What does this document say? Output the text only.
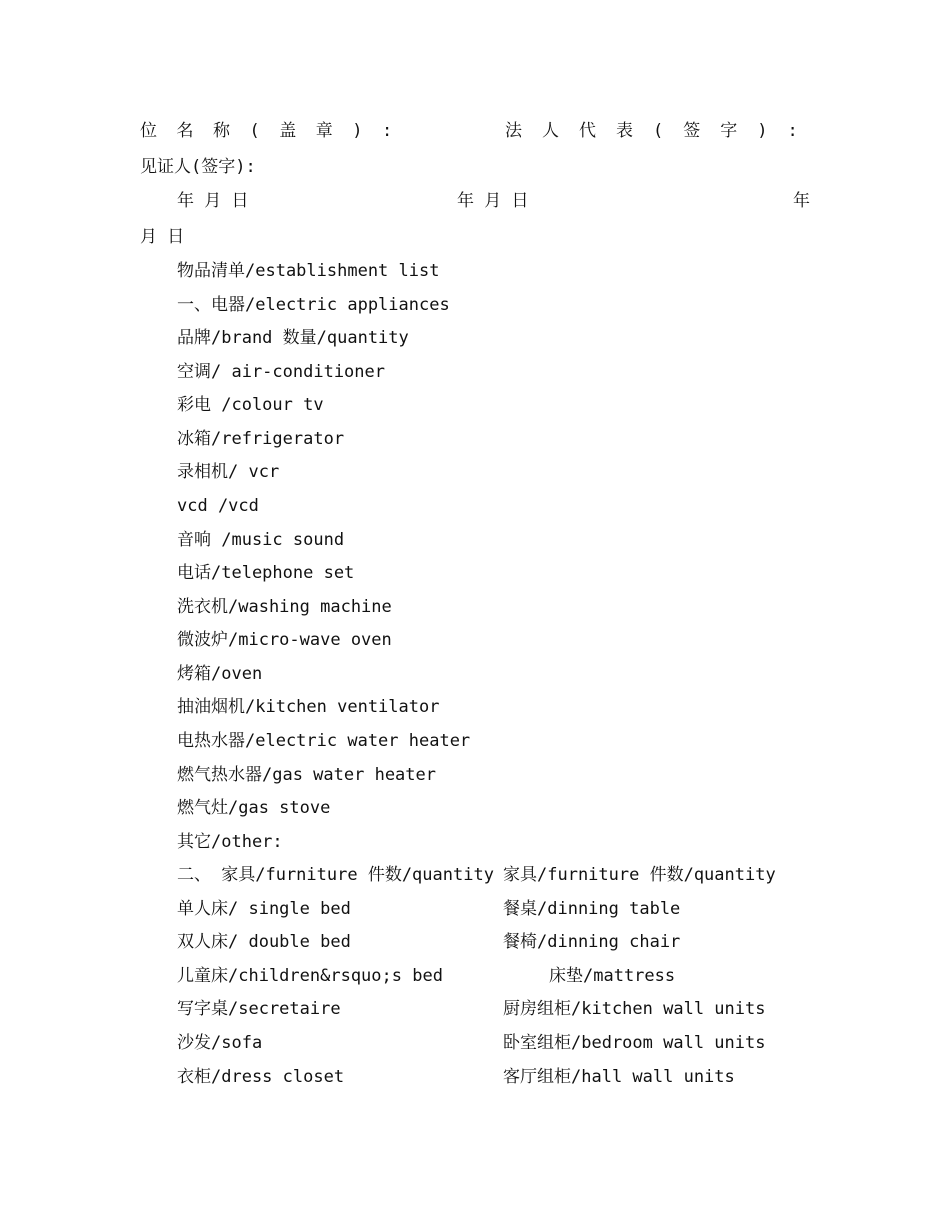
位名称(盖章):	法人代表(签字):
见证人(签字):
年 月 日	年 月 日	年
月 日
物品清单/establishment list
一、电器/electric appliances
品牌/brand 数量/quantity
空调/ air-conditioner
彩电 /colour tv
冰箱/refrigerator
录相机/ vcr
vcd /vcd
音响 /music sound
电话/telephone set
洗衣机/washing machine
微波炉/micro-wave oven
烤箱/oven
抽油烟机/kitchen ventilator
电热水器/electric water heater
燃气热水器/gas water heater
燃气灶/gas stove
其它/other:
二、 家具/furniture 件数/quantity 家具/furniture 件数/quantity
单人床/ single bed	餐桌/dinning table
双人床/ double bed	餐椅/dinning chair
儿童床/children&rsquo;s bed	床垫/mattress
写字桌/secretaire	厨房组柜/kitchen wall units
沙发/sofa	卧室组柜/bedroom wall units
衣柜/dress closet	客厅组柜/hall wall units
